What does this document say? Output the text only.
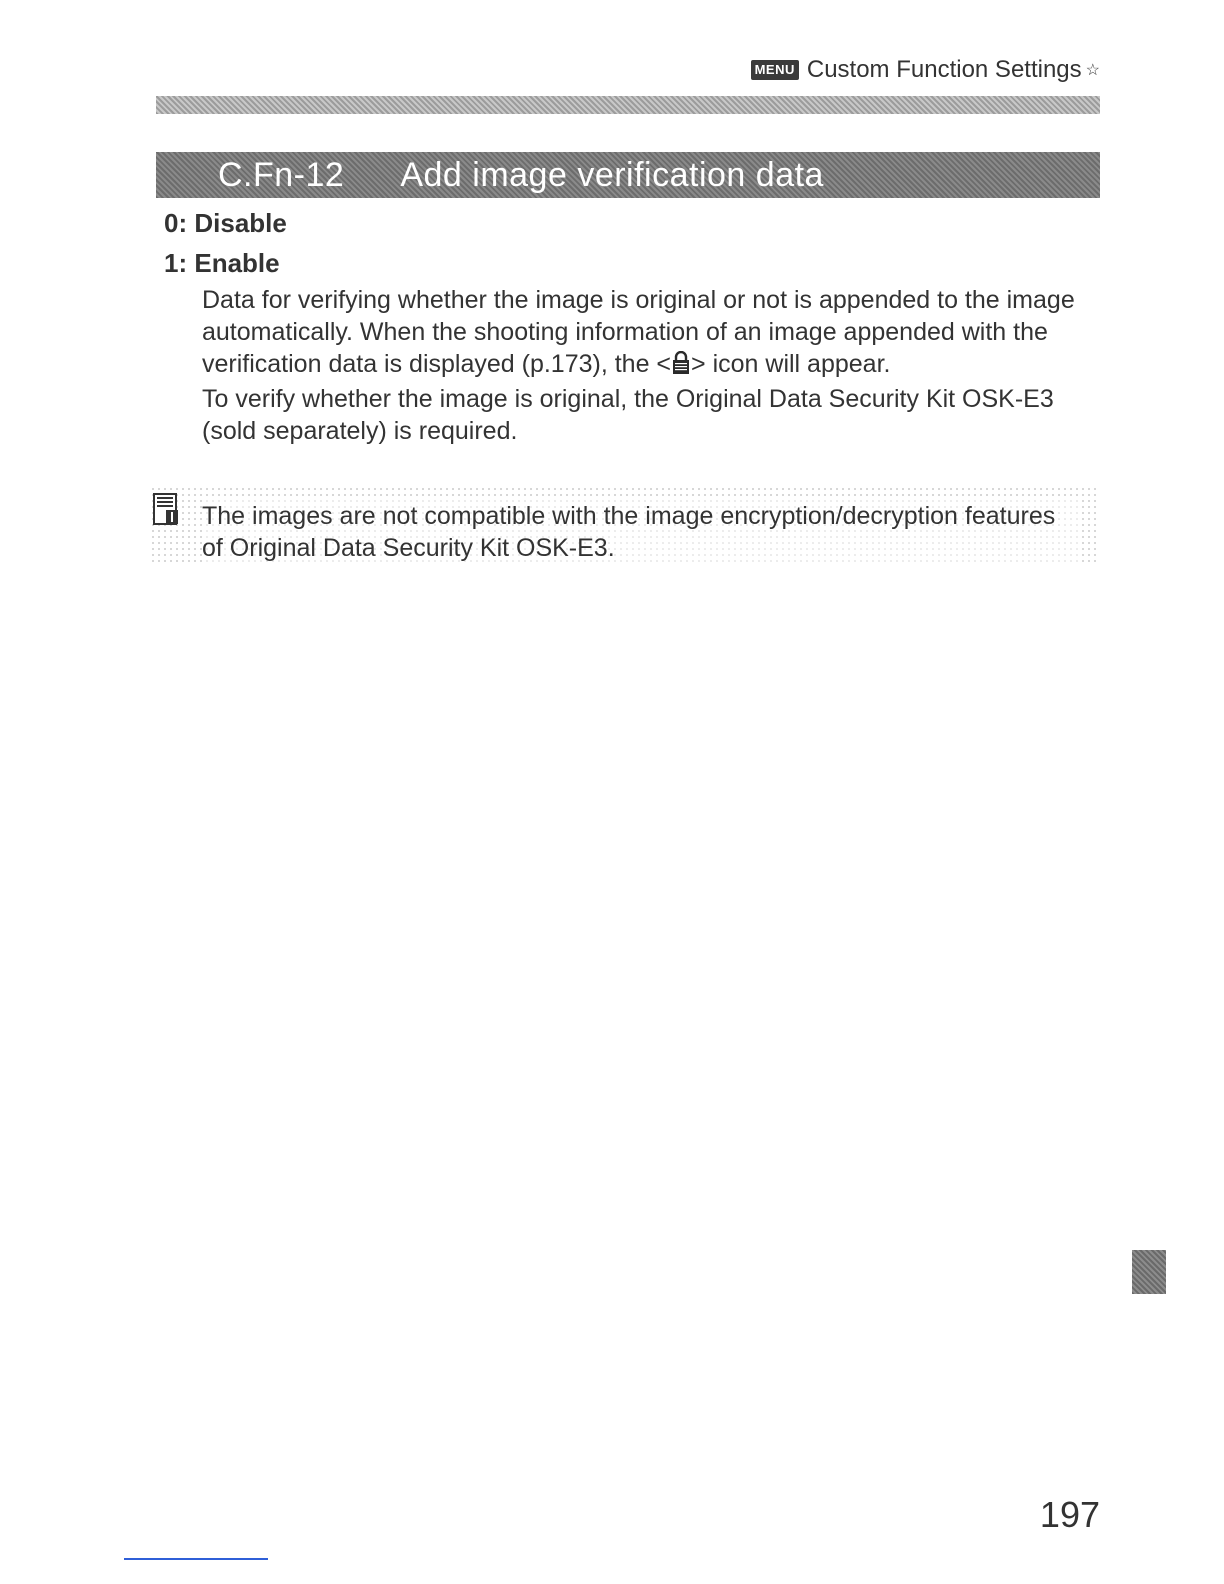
MENU Custom Function Settings ☆
C.Fn-12 Add image verification data
0: Disable
1: Enable

Data for verifying whether the image is original or not is appended to the image automatically. When the shooting information of an image appended with the verification data is displayed (p.173), the < > icon will appear.

To verify whether the image is original, the Original Data Security Kit OSK-E3 (sold separately) is required.

The images are not compatible with the image encryption/decryption features of Original Data Security Kit OSK-E3.
197
